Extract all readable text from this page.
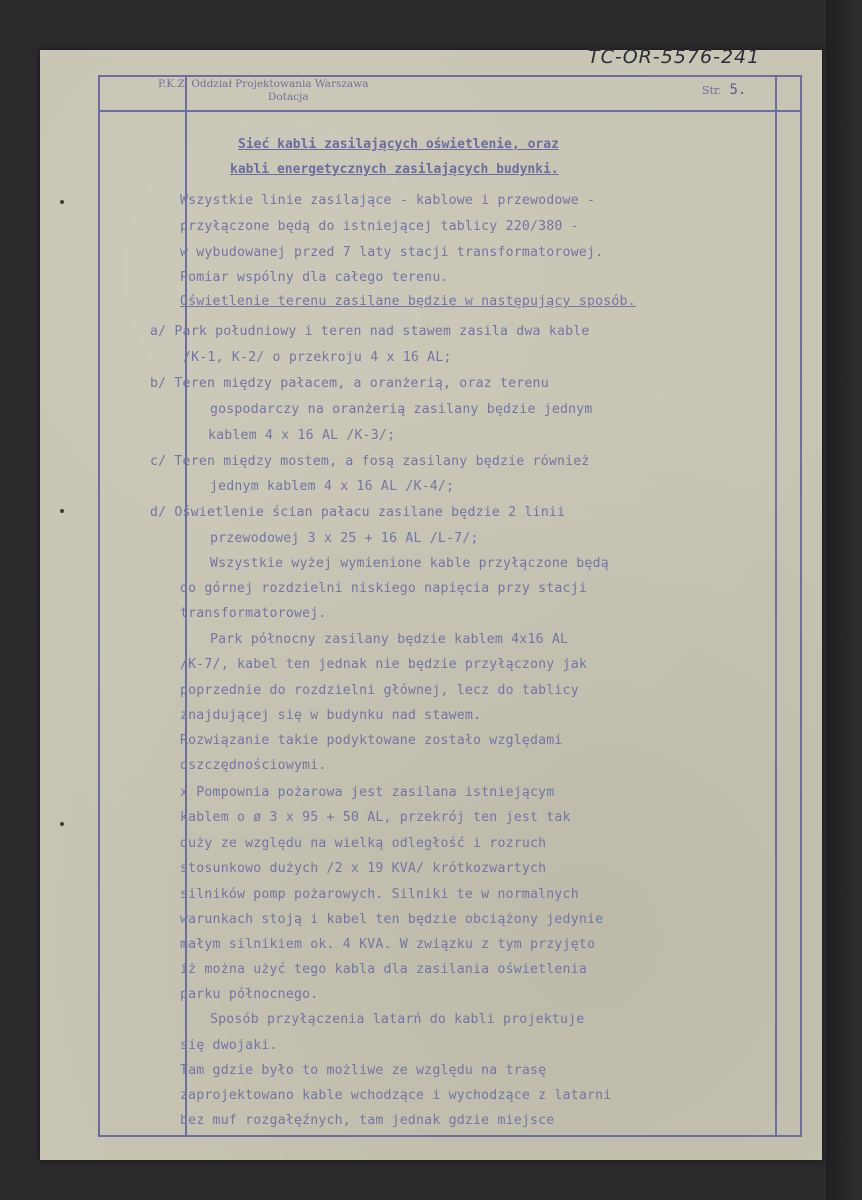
TC-OR-5576-241
P.K.Z. Oddział Projektowania Warszawa
Dotacja	Str. 5.
Sieć kabli zasilających oświetlenie, oraz
kabli energetycznych zasilających budynki.
Wszystkie linie zasilające - kablowe i przewodowe -
przyłączone będą do istniejącej tablicy 220/380 -
w wybudowanej przed 7 laty stacji transformatorowej.
Pomiar wspólny dla całego terenu.
Oświetlenie terenu zasilane będzie w następujący sposób.
a/ Park południowy i teren nad stawem zasila dwa kable
/K-1, K-2/ o przekroju 4 x 16 AL;
b/ Teren między pałacem, a oranżerią, oraz terenu
gospodarczy na oranżerią zasilany będzie jednym
kablem 4 x 16 AL /K-3/;
c/ Teren między mostem, a fosą zasilany będzie również
jednym kablem 4 x 16 AL /K-4/;
d/ Oświetlenie ścian pałacu zasilane będzie 2 linii
przewodowej 3 x 25 + 16 AL /L-7/;
Wszystkie wyżej wymienione kable przyłączone będą
do górnej rozdzielni niskiego napięcia przy stacji
transformatorowej.
Park północny zasilany będzie kablem 4x16 AL
/K-7/, kabel ten jednak nie będzie przyłączony jak
poprzednie do rozdzielni głównej, lecz do tablicy
znajdującej się w budynku nad stawem.
Rozwiązanie takie podyktowane zostało względami
oszczędnościowymi.
x Pompownia pożarowa jest zasilana istniejącym
kablem o ø 3 x 95 + 50 AL, przekrój ten jest tak
duży ze względu na wielką odległość i rozruch
stosunkowo dużych /2 x 19 KVA/ krótkozwartych
silników pomp pożarowych. Silniki te w normalnych
warunkach stoją i kabel ten będzie obciążony jedynie
małym silnikiem ok. 4 KVA. W związku z tym przyjęto
iż można użyć tego kabla dla zasilania oświetlenia
parku północnego.
Sposób przyłączenia latarń do kabli projektuje
się dwojaki.
Tam gdzie było to możliwe ze względu na trasę
zaprojektowano kable wchodzące i wychodzące z latarni
bez muf rozgałęźnych, tam jednak gdzie miejsce
